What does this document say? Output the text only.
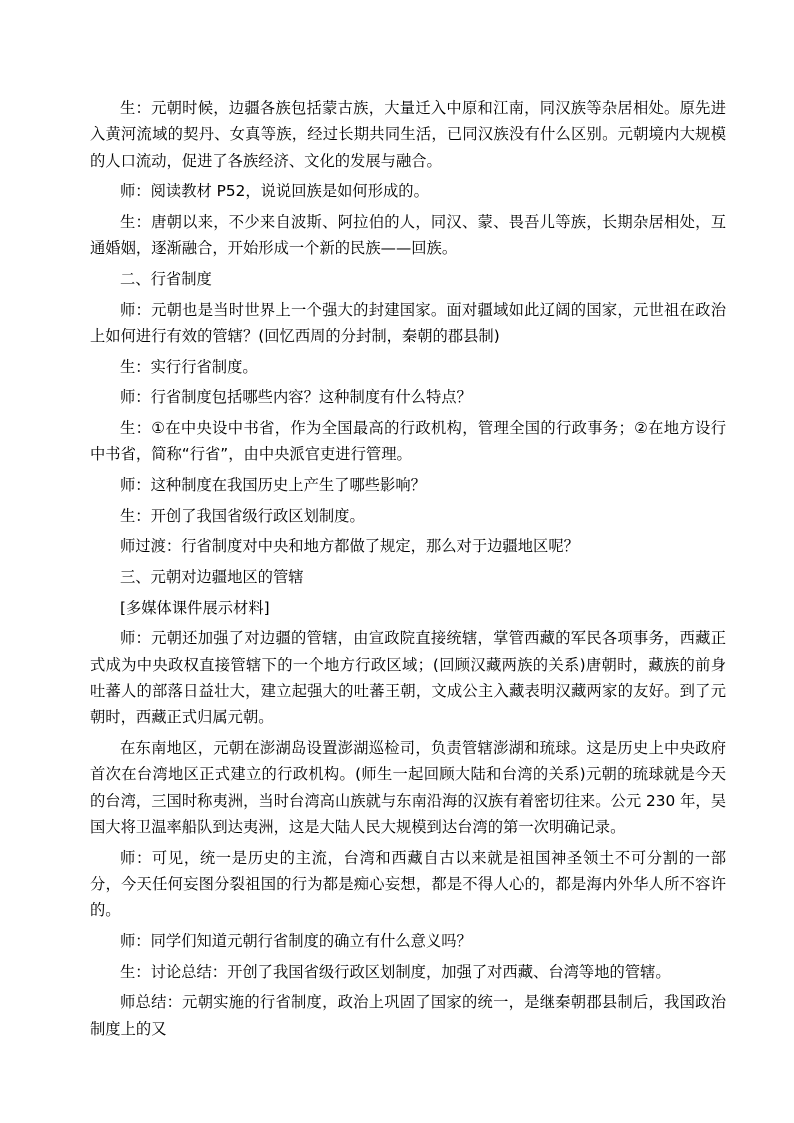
生：元朝时候，边疆各族包括蒙古族，大量迁入中原和江南，同汉族等杂居相处。原先进入黄河流域的契丹、女真等族，经过长期共同生活，已同汉族没有什么区别。元朝境内大规模的人口流动，促进了各族经济、文化的发展与融合。

师：阅读教材 P52，说说回族是如何形成的。

生：唐朝以来，不少来自波斯、阿拉伯的人，同汉、蒙、畏吾儿等族，长期杂居相处，互通婚姻，逐渐融合，开始形成一个新的民族——回族。

二、行省制度

师：元朝也是当时世界上一个强大的封建国家。面对疆域如此辽阔的国家，元世祖在政治上如何进行有效的管辖？(回忆西周的分封制，秦朝的郡县制)

生：实行行省制度。

师：行省制度包括哪些内容？这种制度有什么特点？

生：①在中央设中书省，作为全国最高的行政机构，管理全国的行政事务；②在地方设行中书省，简称“行省”，由中央派官吏进行管理。

师：这种制度在我国历史上产生了哪些影响？

生：开创了我国省级行政区划制度。

师过渡：行省制度对中央和地方都做了规定，那么对于边疆地区呢？

三、元朝对边疆地区的管辖

[多媒体课件展示材料]

师：元朝还加强了对边疆的管辖，由宣政院直接统辖，掌管西藏的军民各项事务，西藏正式成为中央政权直接管辖下的一个地方行政区域；(回顾汉藏两族的关系)唐朝时，藏族的前身吐蕃人的部落日益壮大，建立起强大的吐蕃王朝，文成公主入藏表明汉藏两家的友好。到了元朝时，西藏正式归属元朝。

在东南地区，元朝在澎湖岛设置澎湖巡检司，负责管辖澎湖和琉球。这是历史上中央政府首次在台湾地区正式建立的行政机构。(师生一起回顾大陆和台湾的关系)元朝的琉球就是今天的台湾，三国时称夷洲，当时台湾高山族就与东南沿海的汉族有着密切往来。公元 230 年，吴国大将卫温率船队到达夷洲，这是大陆人民大规模到达台湾的第一次明确记录。

师：可见，统一是历史的主流，台湾和西藏自古以来就是祖国神圣领土不可分割的一部分，今天任何妄图分裂祖国的行为都是痴心妄想，都是不得人心的，都是海内外华人所不容许的。

师：同学们知道元朝行省制度的确立有什么意义吗？

生：讨论总结：开创了我国省级行政区划制度，加强了对西藏、台湾等地的管辖。

师总结：元朝实施的行省制度，政治上巩固了国家的统一，是继秦朝郡县制后，我国政治制度上的又
